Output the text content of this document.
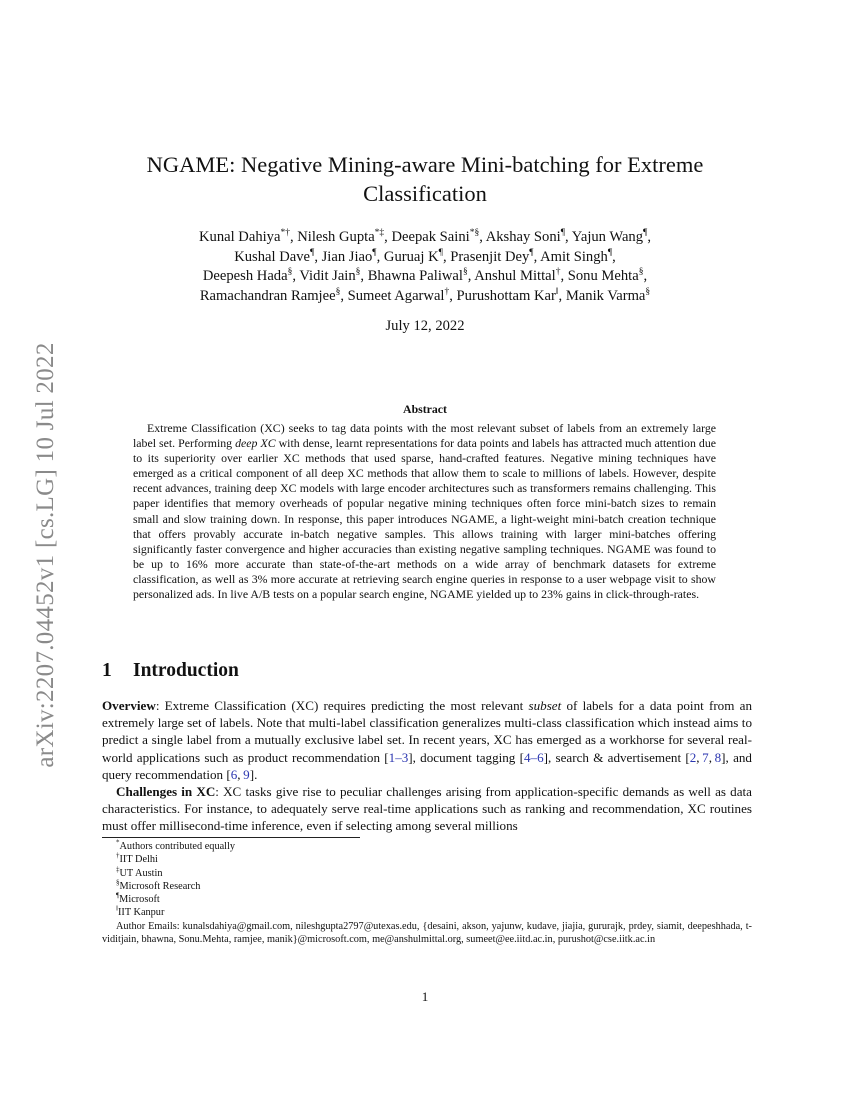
arXiv:2207.04452v1 [cs.LG] 10 Jul 2022
NGAME: Negative Mining-aware Mini-batching for Extreme
Classification
Kunal Dahiya*†, Nilesh Gupta*‡, Deepak Saini*§, Akshay Soni¶, Yajun Wang¶,
Kushal Dave¶, Jian Jiao¶, Guruaj K¶, Prasenjit Dey¶, Amit Singh¶,
Deepesh Hada§, Vidit Jain§, Bhawna Paliwal§, Anshul Mittal†, Sonu Mehta§,
Ramachandran Ramjee§, Sumeet Agarwal†, Purushottam Kar‖, Manik Varma§
July 12, 2022
Abstract
Extreme Classification (XC) seeks to tag data points with the most relevant subset of labels from an extremely large label set. Performing deep XC with dense, learnt representations for data points and labels has attracted much attention due to its superiority over earlier XC methods that used sparse, hand-crafted features. Negative mining techniques have emerged as a critical component of all deep XC methods that allow them to scale to millions of labels. However, despite recent advances, training deep XC models with large encoder architectures such as transformers remains challenging. This paper identifies that memory overheads of popular negative mining techniques often force mini-batch sizes to remain small and slow training down. In response, this paper introduces NGAME, a light-weight mini-batch creation technique that offers provably accurate in-batch negative samples. This allows training with larger mini-batches offering significantly faster convergence and higher accuracies than existing negative sampling techniques. NGAME was found to be up to 16% more accurate than state-of-the-art methods on a wide array of benchmark datasets for extreme classification, as well as 3% more accurate at retrieving search engine queries in response to a user webpage visit to show personalized ads. In live A/B tests on a popular search engine, NGAME yielded up to 23% gains in click-through-rates.
1 Introduction

Overview: Extreme Classification (XC) requires predicting the most relevant subset of labels for a data point from an extremely large set of labels. Note that multi-label classification generalizes multi-class classification which instead aims to predict a single label from a mutually exclusive label set. In recent years, XC has emerged as a workhorse for several real-world applications such as product recommendation [1–3], document tagging [4–6], search & advertisement [2, 7, 8], and query recommendation [6, 9].

Challenges in XC: XC tasks give rise to peculiar challenges arising from application-specific demands as well as data characteristics. For instance, to adequately serve real-time applications such as ranking and recommendation, XC routines must offer millisecond-time inference, even if selecting among several millions

*Authors contributed equally
†IIT Delhi
‡UT Austin
§Microsoft Research
¶Microsoft
‖IIT Kanpur
Author Emails: kunalsdahiya@gmail.com, nileshgupta2797@utexas.edu, {desaini, akson, yajunw, kudave, jiajia, gururajk, prdey, siamit, deepeshhada, t-viditjain, bhawna, Sonu.Mehta, ramjee, manik}@microsoft.com, me@anshulmittal.org, sumeet@ee.iitd.ac.in, purushot@cse.iitk.ac.in
1
